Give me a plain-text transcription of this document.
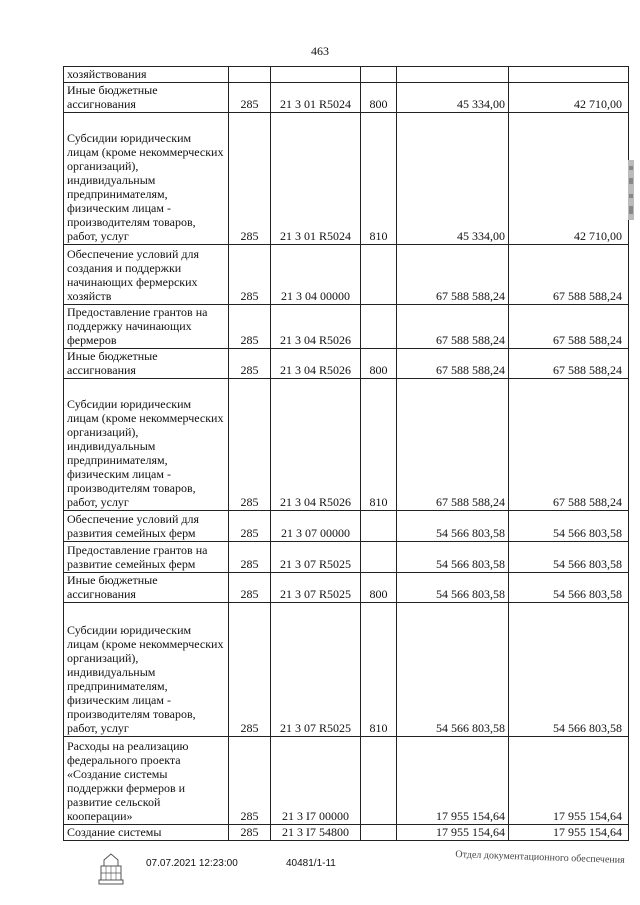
463
хозяйствования					
Иные бюджетные ассигнования	285	21 3 01 R5024	800	45 334,00	42 710,00
Субсидии юридическим лицам (кроме некоммерческих организаций), индивидуальным предпринимателям, физическим лицам - производителям товаров, работ, услуг	285	21 3 01 R5024	810	45 334,00	42 710,00
Обеспечение условий для создания и поддержки начинающих фермерских хозяйств	285	21 3 04 00000		67 588 588,24	67 588 588,24
Предоставление грантов на поддержку начинающих фермеров	285	21 3 04 R5026		67 588 588,24	67 588 588,24
Иные бюджетные ассигнования	285	21 3 04 R5026	800	67 588 588,24	67 588 588,24
Субсидии юридическим лицам (кроме некоммерческих организаций), индивидуальным предпринимателям, физическим лицам - производителям товаров, работ, услуг	285	21 3 04 R5026	810	67 588 588,24	67 588 588,24
Обеспечение условий для развития семейных ферм	285	21 3 07 00000		54 566 803,58	54 566 803,58
Предоставление грантов на развитие семейных ферм	285	21 3 07 R5025		54 566 803,58	54 566 803,58
Иные бюджетные ассигнования	285	21 3 07 R5025	800	54 566 803,58	54 566 803,58
Субсидии юридическим лицам (кроме некоммерческих организаций), индивидуальным предпринимателям, физическим лицам - производителям товаров, работ, услуг	285	21 3 07 R5025	810	54 566 803,58	54 566 803,58
Расходы на реализацию федерального проекта «Создание системы поддержки фермеров и развитие сельской кооперации»	285	21 3 I7 00000		17 955 154,64	17 955 154,64
Создание системы	285	21 3 I7 54800		17 955 154,64	17 955 154,64
07.07.2021 12:23:00	40481/1-11	Отдел документационного обеспечения
